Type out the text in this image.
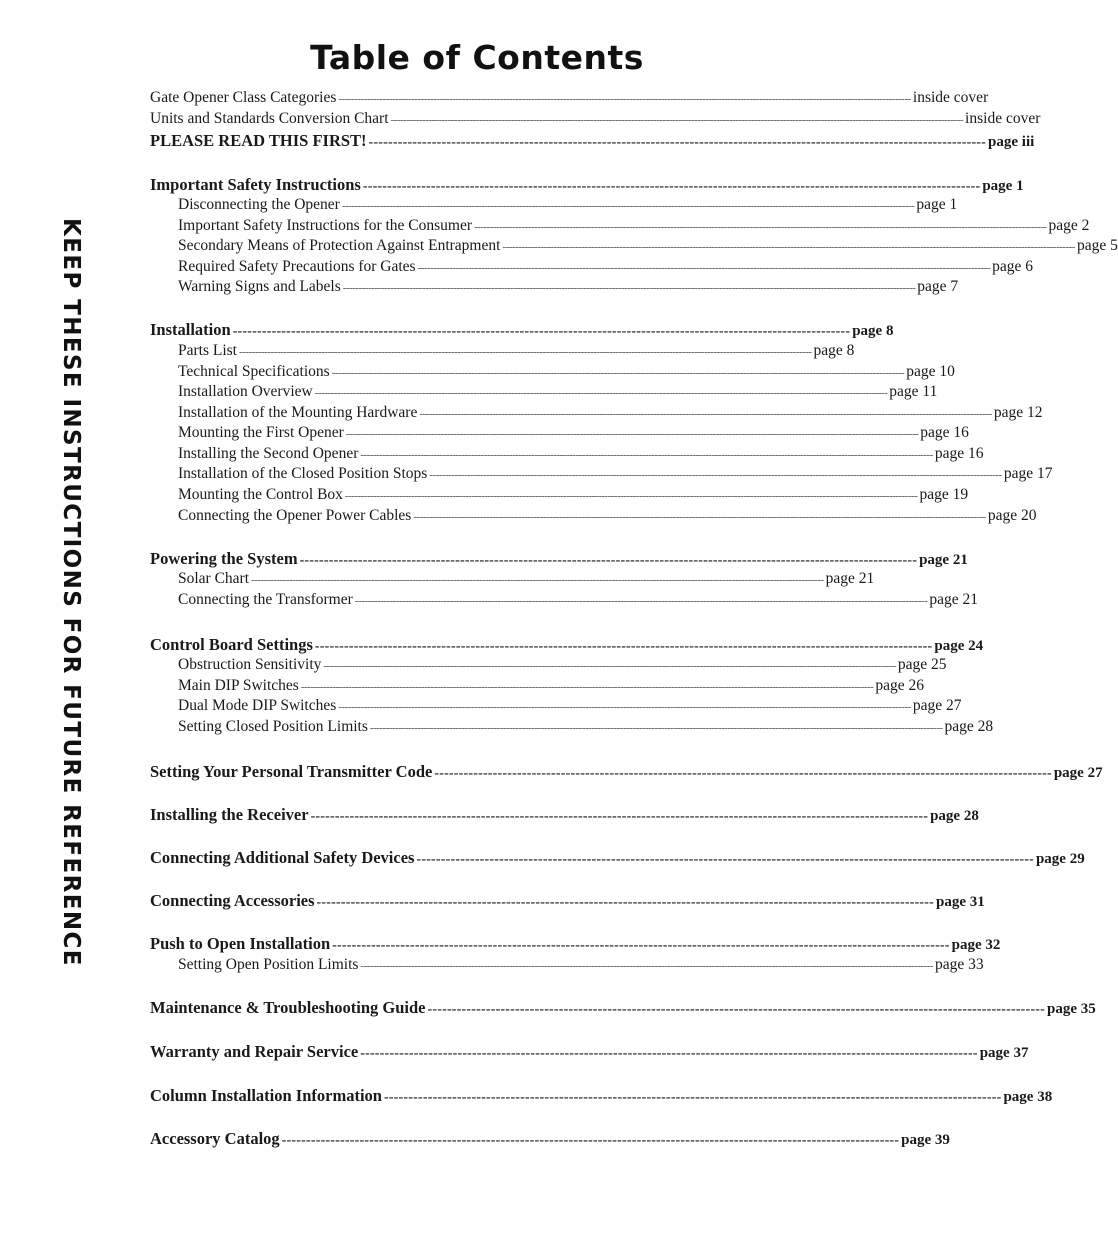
Table of Contents
KEEP THESE INSTRUCTIONS FOR FUTURE REFERENCE
Gate Opener Class Categories ------------------------------------------------------------------------------------------------------------------------------------------------------------------------------------- inside cover
Units and Standards Conversion Chart ------------------------------------------------------------------------------------------------------------------------------------------------------------------------------------- inside cover
PLEASE READ THIS FIRST! ------------------------------------------------------------------------------------------------------------------------------- page iii
Important Safety Instructions ------------------------------------------------------------------------------------------------------------------------------- page 1
Disconnecting the Opener ------------------------------------------------------------------------------------------------------------------------------------------------------------------------------------- page 1
Important Safety Instructions for the Consumer ------------------------------------------------------------------------------------------------------------------------------------------------------------------------------------- page 2
Secondary Means of Protection Against Entrapment ------------------------------------------------------------------------------------------------------------------------------------------------------------------------------------- page 5
Required Safety Precautions for Gates ------------------------------------------------------------------------------------------------------------------------------------------------------------------------------------- page 6
Warning Signs and Labels ------------------------------------------------------------------------------------------------------------------------------------------------------------------------------------- page 7
Installation ------------------------------------------------------------------------------------------------------------------------------- page 8
Parts List ------------------------------------------------------------------------------------------------------------------------------------------------------------------------------------- page 8
Technical Specifications ------------------------------------------------------------------------------------------------------------------------------------------------------------------------------------- page 10
Installation Overview ------------------------------------------------------------------------------------------------------------------------------------------------------------------------------------- page 11
Installation of the Mounting Hardware ------------------------------------------------------------------------------------------------------------------------------------------------------------------------------------- page 12
Mounting the First Opener ------------------------------------------------------------------------------------------------------------------------------------------------------------------------------------- page 16
Installing the Second Opener ------------------------------------------------------------------------------------------------------------------------------------------------------------------------------------- page 16
Installation of the Closed Position Stops ------------------------------------------------------------------------------------------------------------------------------------------------------------------------------------- page 17
Mounting the Control Box ------------------------------------------------------------------------------------------------------------------------------------------------------------------------------------- page 19
Connecting the Opener Power Cables ------------------------------------------------------------------------------------------------------------------------------------------------------------------------------------- page 20
Powering the System ------------------------------------------------------------------------------------------------------------------------------- page 21
Solar Chart ------------------------------------------------------------------------------------------------------------------------------------------------------------------------------------- page 21
Connecting the Transformer ------------------------------------------------------------------------------------------------------------------------------------------------------------------------------------- page 21
Control Board Settings ------------------------------------------------------------------------------------------------------------------------------- page 24
Obstruction Sensitivity ------------------------------------------------------------------------------------------------------------------------------------------------------------------------------------- page 25
Main DIP Switches ------------------------------------------------------------------------------------------------------------------------------------------------------------------------------------- page 26
Dual Mode DIP Switches ------------------------------------------------------------------------------------------------------------------------------------------------------------------------------------- page 27
Setting Closed Position Limits ------------------------------------------------------------------------------------------------------------------------------------------------------------------------------------- page 28
Setting Your Personal Transmitter Code ------------------------------------------------------------------------------------------------------------------------------- page 27
Installing the Receiver ------------------------------------------------------------------------------------------------------------------------------- page 28
Connecting Additional Safety Devices ------------------------------------------------------------------------------------------------------------------------------- page 29
Connecting Accessories ------------------------------------------------------------------------------------------------------------------------------- page 31
Push to Open Installation ------------------------------------------------------------------------------------------------------------------------------- page 32
Setting Open Position Limits ------------------------------------------------------------------------------------------------------------------------------------------------------------------------------------- page 33
Maintenance & Troubleshooting Guide ------------------------------------------------------------------------------------------------------------------------------- page 35
Warranty and Repair Service ------------------------------------------------------------------------------------------------------------------------------- page 37
Column Installation Information ------------------------------------------------------------------------------------------------------------------------------- page 38
Accessory Catalog ------------------------------------------------------------------------------------------------------------------------------- page 39
